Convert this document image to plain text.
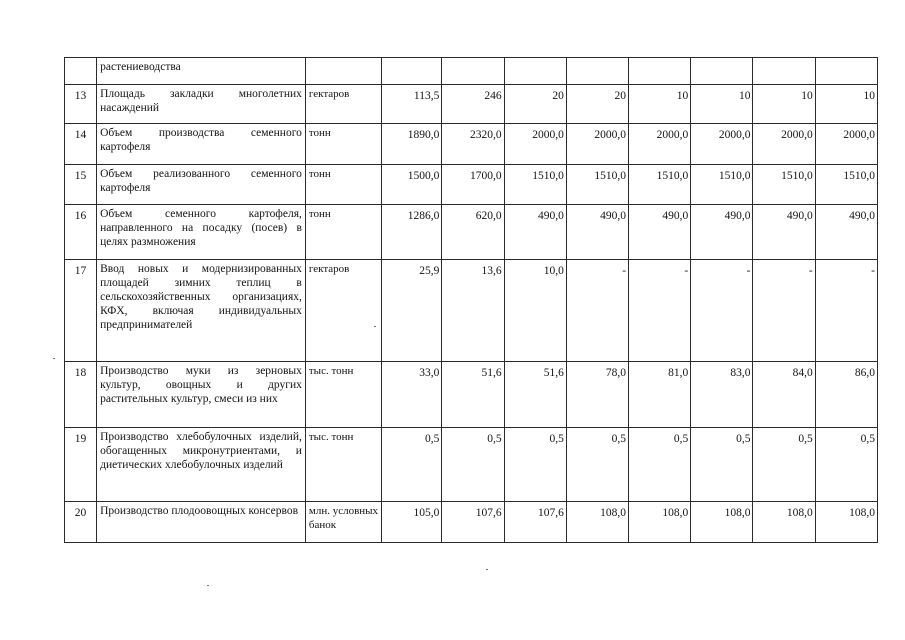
	растениеводства									
13	Площадь закладки многолетних насаждений	гектаров	113,5	246	20	20	10	10	10	10
14	Объем производства семенного картофеля	тонн	1890,0	2320,0	2000,0	2000,0	2000,0	2000,0	2000,0	2000,0
15	Объем реализованного семенного картофеля	тонн	1500,0	1700,0	1510,0	1510,0	1510,0	1510,0	1510,0	1510,0
16	Объем семенного картофеля, направленного на посадку (посев) в целях размножения	тонн	1286,0	620,0	490,0	490,0	490,0	490,0	490,0	490,0
17	Ввод новых и модернизированных площадей зимних теплиц в сельскохозяйственных организациях, КФХ, включая индивидуальных предпринимателей	гектаров	25,9	13,6	10,0	-	-	-	-	-
18	Производство муки из зерновых культур, овощных и других растительных культур, смеси из них	тыс. тонн	33,0	51,6	51,6	78,0	81,0	83,0	84,0	86,0
19	Производство хлебобулочных изделий, обогащенных микронутриентами, и диетических хлебобулочных изделий	тыс. тонн	0,5	0,5	0,5	0,5	0,5	0,5	0,5	0,5
20	Производство плодоовощных консервов	млн. условных банок	105,0	107,6	107,6	108,0	108,0	108,0	108,0	108,0
